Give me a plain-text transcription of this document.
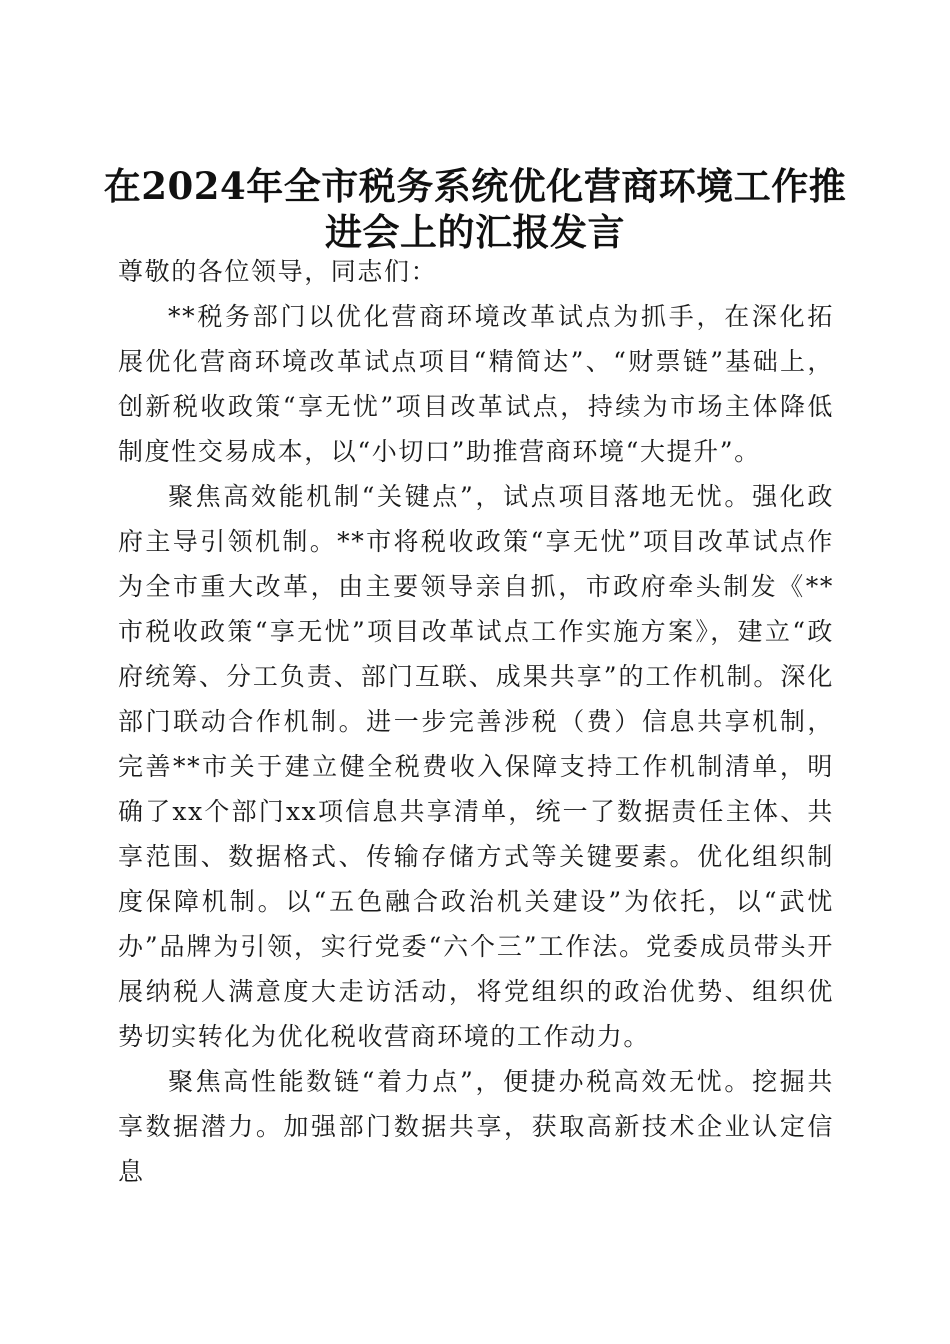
在2024年全市税务系统优化营商环境工作推
进会上的汇报发言

尊敬的各位领导，同志们：

**税务部门以优化营商环境改革试点为抓手，在深化拓展优化营商环境改革试点项目“精简达”、“财票链”基础上，创新税收政策“享无忧”项目改革试点，持续为市场主体降低制度性交易成本，以“小切口”助推营商环境“大提升”。

聚焦高效能机制“关键点”，试点项目落地无忧。强化政府主导引领机制。**市将税收政策“享无忧”项目改革试点作为全市重大改革，由主要领导亲自抓，市政府牵头制发《**市税收政策“享无忧”项目改革试点工作实施方案》，建立“政府统筹、分工负责、部门互联、成果共享”的工作机制。深化部门联动合作机制。进一步完善涉税（费）信息共享机制，完善**市关于建立健全税费收入保障支持工作机制清单，明确了xx个部门xx项信息共享清单，统一了数据责任主体、共享范围、数据格式、传输存储方式等关键要素。优化组织制度保障机制。以“五色融合政治机关建设”为依托，以“武忧办”品牌为引领，实行党委“六个三”工作法。党委成员带头开展纳税人满意度大走访活动，将党组织的政治优势、组织优势切实转化为优化税收营商环境的工作动力。

聚焦高性能数链“着力点”，便捷办税高效无忧。挖掘共享数据潜力。加强部门数据共享，获取高新技术企业认定信息
